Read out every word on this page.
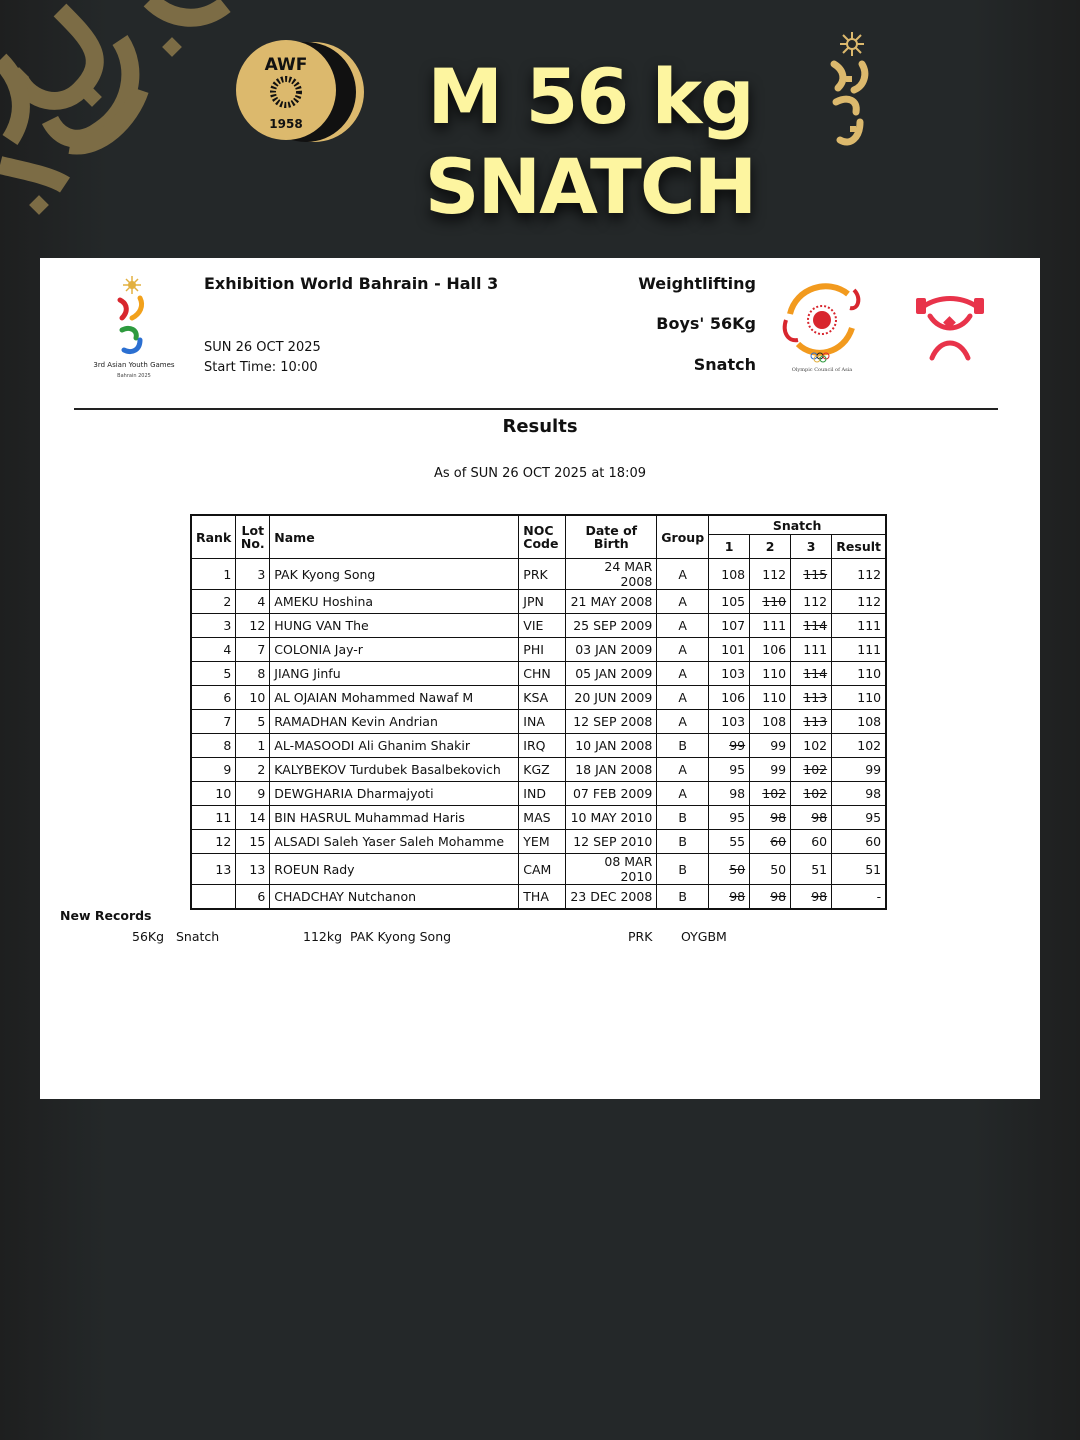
AWF
1958	M 56 kg
SNATCH
3rd Asian Youth Games
Bahrain 2025
Exhibition World Bahrain - Hall 3
SUN 26 OCT 2025
Start Time: 10:00
Weightlifting
Boys' 56Kg
Snatch	Olympic Council of Asia
Results
As of SUN 26 OCT 2025 at 18:09
Rank	Lot No.	Name	NOC Code	Date of Birth	Group	Snatch			
						1	2	3	Result
1	3	PAK Kyong Song	PRK	24 MAR 2008	A	108	112	115	112
2	4	AMEKU Hoshina	JPN	21 MAY 2008	A	105	110	112	112
3	12	HUNG VAN The	VIE	25 SEP 2009	A	107	111	114	111
4	7	COLONIA Jay-r	PHI	03 JAN 2009	A	101	106	111	111
5	8	JIANG Jinfu	CHN	05 JAN 2009	A	103	110	114	110
6	10	AL OJAIAN Mohammed Nawaf M	KSA	20 JUN 2009	A	106	110	113	110
7	5	RAMADHAN Kevin Andrian	INA	12 SEP 2008	A	103	108	113	108
8	1	AL-MASOODI Ali Ghanim Shakir	IRQ	10 JAN 2008	B	99	99	102	102
9	2	KALYBEKOV Turdubek Basalbekovich	KGZ	18 JAN 2008	A	95	99	102	99
10	9	DEWGHARIA Dharmajyoti	IND	07 FEB 2009	A	98	102	102	98
11	14	BIN HASRUL Muhammad Haris	MAS	10 MAY 2010	B	95	98	98	95
12	15	ALSADI Saleh Yaser Saleh Mohamme	YEM	12 SEP 2010	B	55	60	60	60
13	13	ROEUN Rady	CAM	08 MAR 2010	B	50	50	51	51
	6	CHADCHAY Nutchanon	THA	23 DEC 2008	B	98	98	98	-
New Records
56Kg Snatch	112kg PAK Kyong Song	PRK OYGBM
